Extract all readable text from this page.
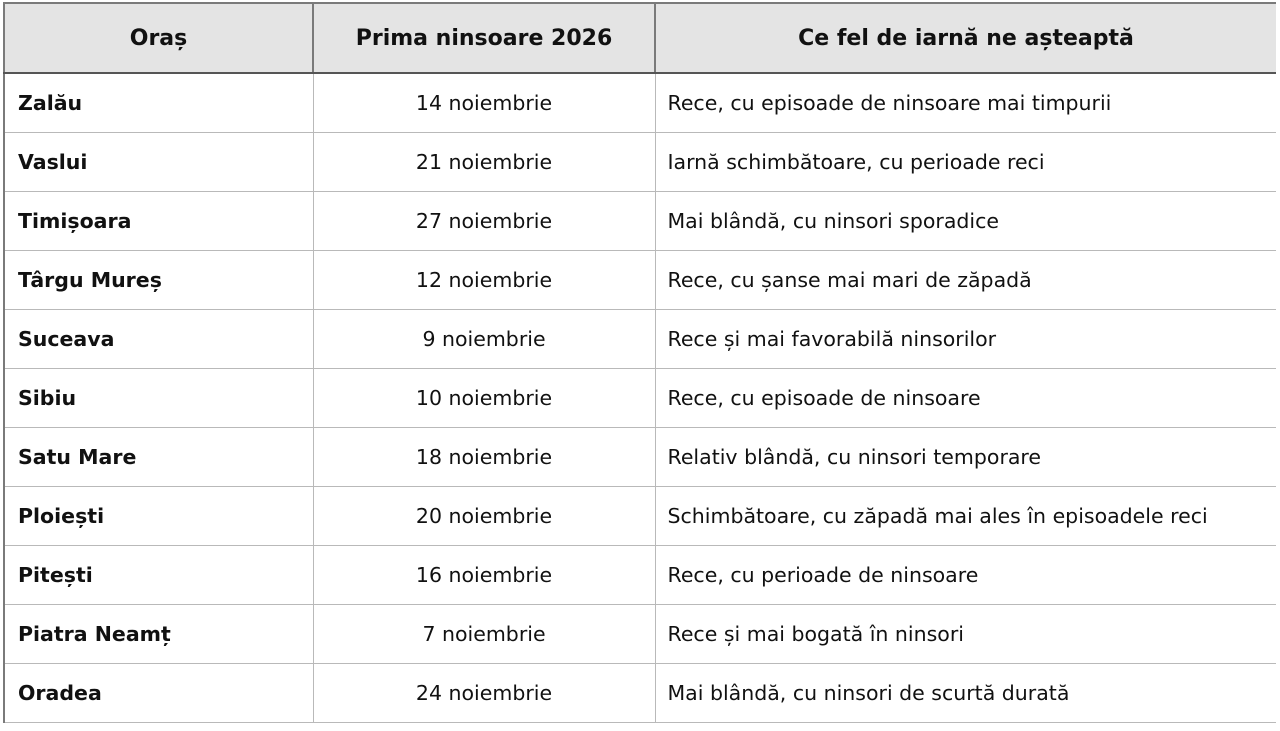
Oraș	Prima ninsoare 2026	Ce fel de iarnă ne așteaptă
Zalău	14 noiembrie	Rece, cu episoade de ninsoare mai timpurii
Vaslui	21 noiembrie	Iarnă schimbătoare, cu perioade reci
Timișoara	27 noiembrie	Mai blândă, cu ninsori sporadice
Târgu Mureș	12 noiembrie	Rece, cu șanse mai mari de zăpadă
Suceava	9 noiembrie	Rece și mai favorabilă ninsorilor
Sibiu	10 noiembrie	Rece, cu episoade de ninsoare
Satu Mare	18 noiembrie	Relativ blândă, cu ninsori temporare
Ploiești	20 noiembrie	Schimbătoare, cu zăpadă mai ales în episoadele reci
Pitești	16 noiembrie	Rece, cu perioade de ninsoare
Piatra Neamț	7 noiembrie	Rece și mai bogată în ninsori
Oradea	24 noiembrie	Mai blândă, cu ninsori de scurtă durată
